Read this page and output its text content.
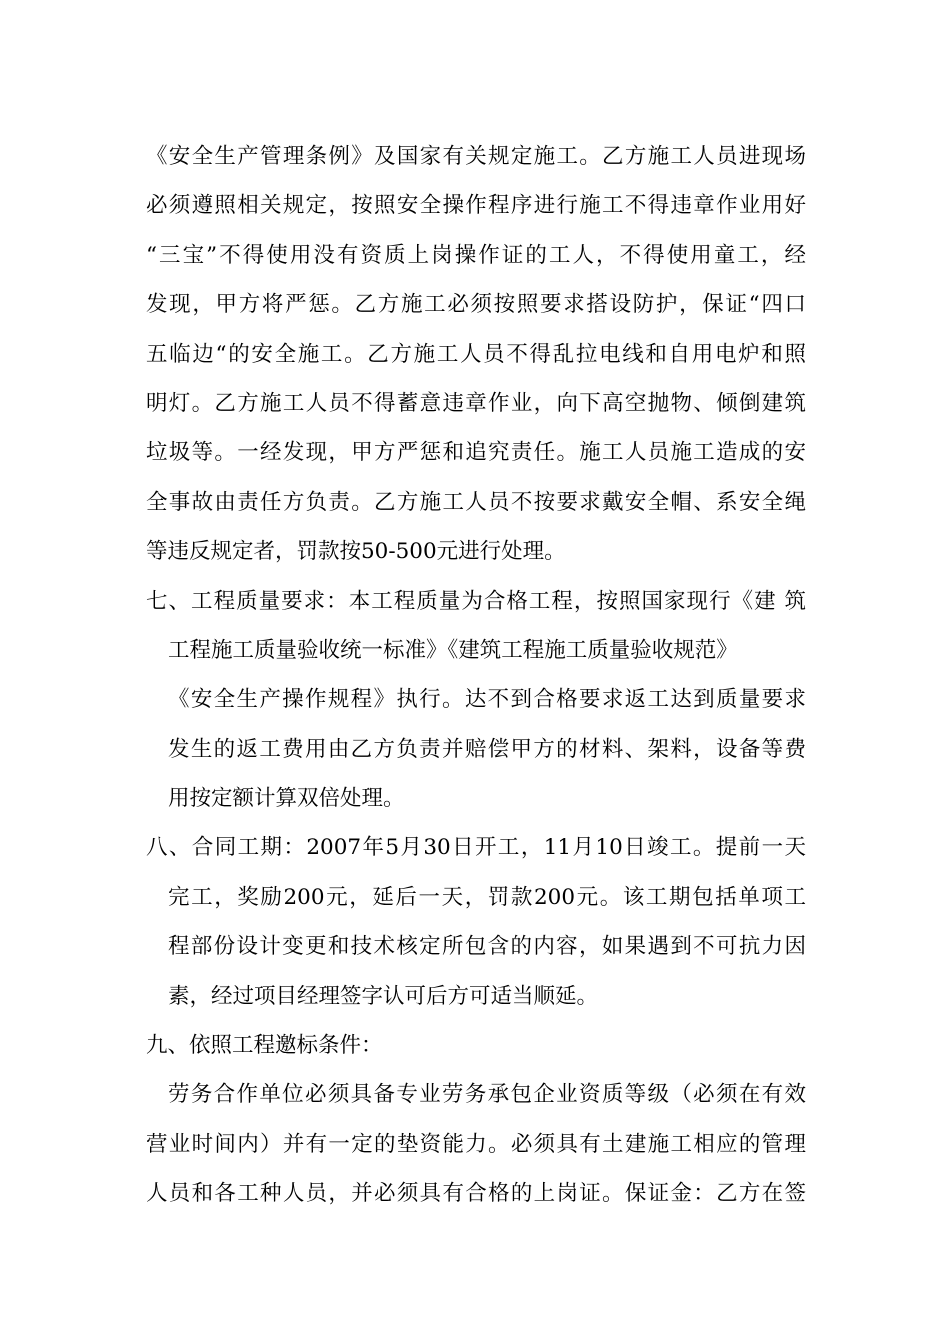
《安全生产管理条例》及国家有关规定施工。乙方施工人员进现场
必须遵照相关规定，按照安全操作程序进行施工不得违章作业用好
“三宝”不得使用没有资质上岗操作证的工人，不得使用童工，经
发现，甲方将严惩。乙方施工必须按照要求搭设防护，保证“四口
五临边“的安全施工。乙方施工人员不得乱拉电线和自用电炉和照
明灯。乙方施工人员不得蓄意违章作业，向下高空抛物、倾倒建筑
垃圾等。一经发现，甲方严惩和追究责任。施工人员施工造成的安
全事故由责任方负责。乙方施工人员不按要求戴安全帽、系安全绳
等违反规定者，罚款按50-500元进行处理。
七、工程质量要求：本工程质量为合格工程，按照国家现行《建 筑
工程施工质量验收统一标准》《建筑工程施工质量验收规范》
《安全生产操作规程》执行。达不到合格要求返工达到质量要求
发生的返工费用由乙方负责并赔偿甲方的材料、架料，设备等费
用按定额计算双倍处理。
八、合同工期：2007年5月30日开工，11月10日竣工。提前一天
完工，奖励200元，延后一天，罚款200元。该工期包括单项工
程部份设计变更和技术核定所包含的内容，如果遇到不可抗力因
素，经过项目经理签字认可后方可适当顺延。
九、依照工程邀标条件：
劳务合作单位必须具备专业劳务承包企业资质等级（必须在有效
营业时间内）并有一定的垫资能力。必须具有土建施工相应的管理
人员和各工种人员，并必须具有合格的上岗证。保证金：乙方在签
